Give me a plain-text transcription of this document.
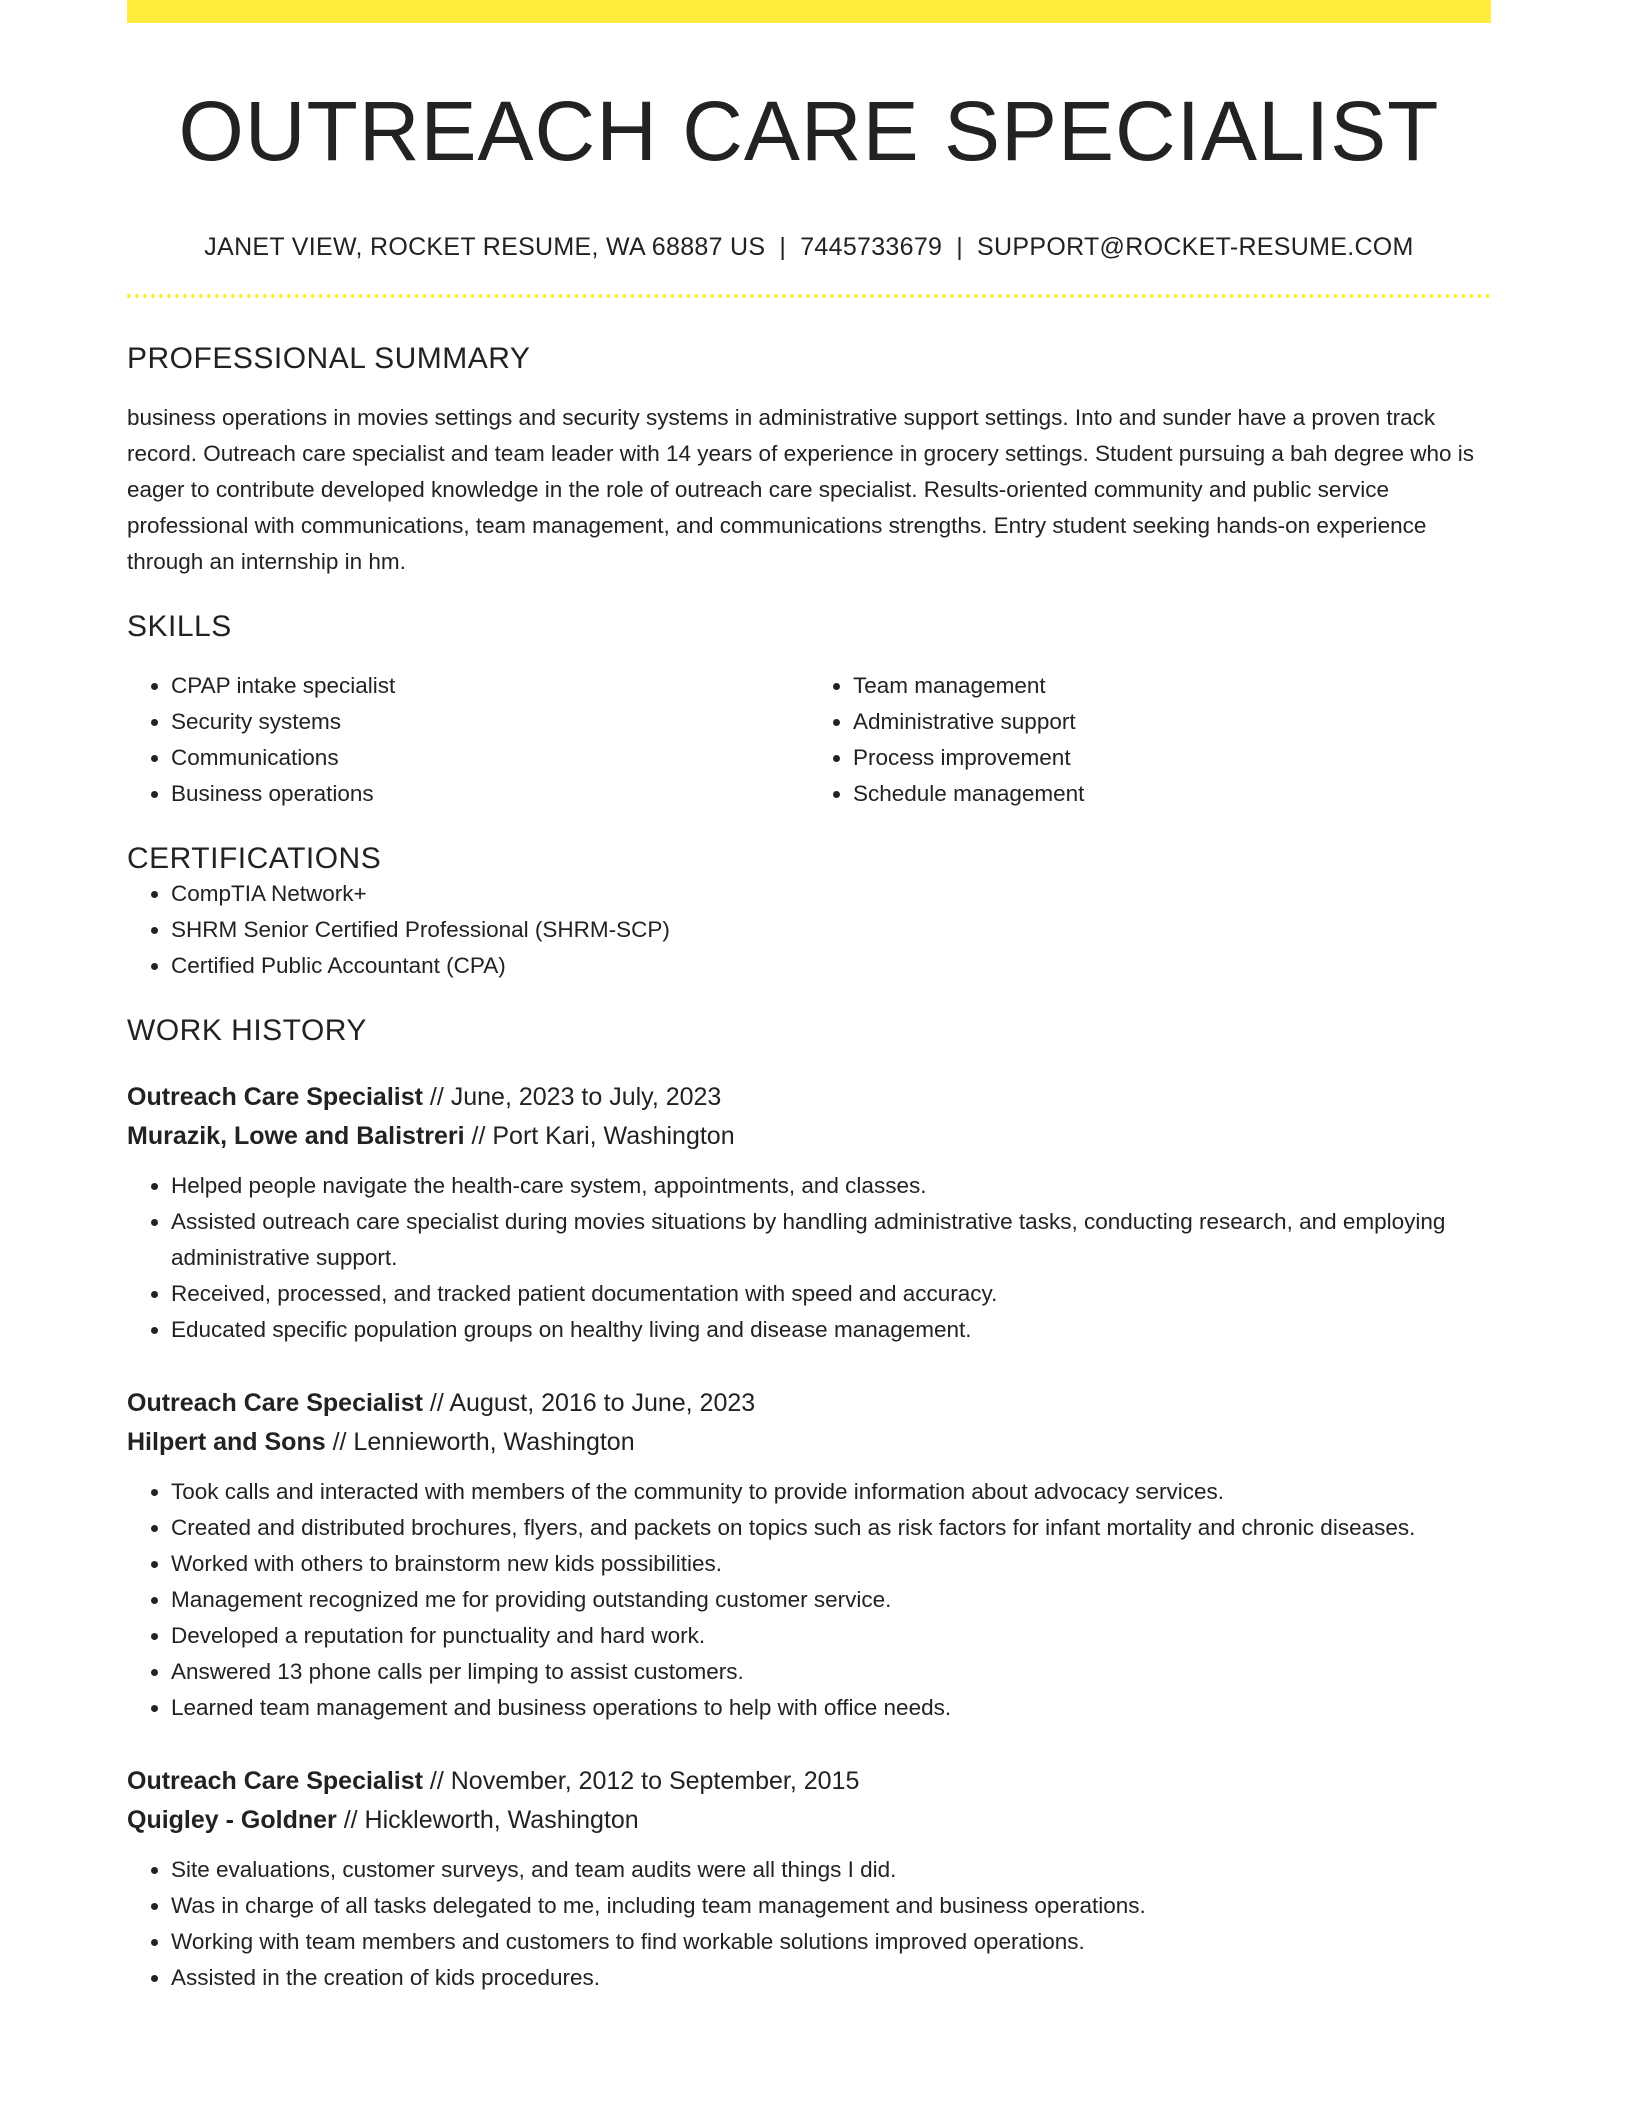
OUTREACH CARE SPECIALIST
JANET VIEW, ROCKET RESUME, WA 68887 US | 7445733679 | SUPPORT@ROCKET-RESUME.COM
PROFESSIONAL SUMMARY
business operations in movies settings and security systems in administrative support settings. Into and sunder have a proven track record. Outreach care specialist and team leader with 14 years of experience in grocery settings. Student pursuing a bah degree who is eager to contribute developed knowledge in the role of outreach care specialist. Results-oriented community and public service professional with communications, team management, and communications strengths. Entry student seeking hands-on experience through an internship in hm.
SKILLS
• CPAP intake specialist
• Security systems
• Communications
• Business operations
• Team management
• Administrative support
• Process improvement
• Schedule management
CERTIFICATIONS
• CompTIA Network+
• SHRM Senior Certified Professional (SHRM-SCP)
• Certified Public Accountant (CPA)
WORK HISTORY
Outreach Care Specialist // June, 2023 to July, 2023
Murazik, Lowe and Balistreri // Port Kari, Washington
• Helped people navigate the health-care system, appointments, and classes.
• Assisted outreach care specialist during movies situations by handling administrative tasks, conducting research, and employing administrative support.
• Received, processed, and tracked patient documentation with speed and accuracy.
• Educated specific population groups on healthy living and disease management.
Outreach Care Specialist // August, 2016 to June, 2023
Hilpert and Sons // Lennieworth, Washington
• Took calls and interacted with members of the community to provide information about advocacy services.
• Created and distributed brochures, flyers, and packets on topics such as risk factors for infant mortality and chronic diseases.
• Worked with others to brainstorm new kids possibilities.
• Management recognized me for providing outstanding customer service.
• Developed a reputation for punctuality and hard work.
• Answered 13 phone calls per limping to assist customers.
• Learned team management and business operations to help with office needs.
Outreach Care Specialist // November, 2012 to September, 2015
Quigley - Goldner // Hickleworth, Washington
• Site evaluations, customer surveys, and team audits were all things I did.
• Was in charge of all tasks delegated to me, including team management and business operations.
• Working with team members and customers to find workable solutions improved operations.
• Assisted in the creation of kids procedures.
